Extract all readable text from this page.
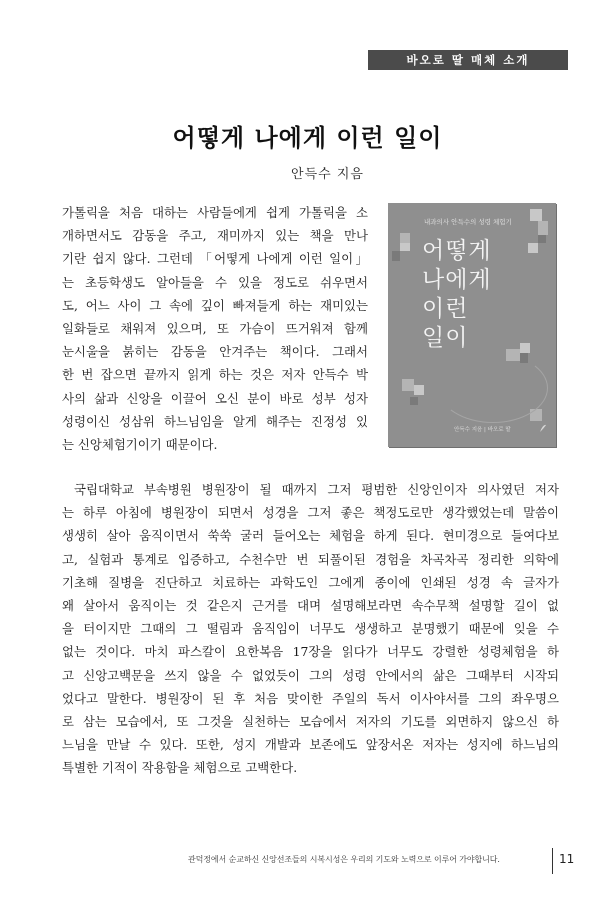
바오로 딸 매체 소개
어떻게 나에게 이런 일이
안득수 지음
가톨릭을 처음 대하는 사람들에게 쉽게 가톨릭을 소
개하면서도 감동을 주고, 재미까지 있는 책을 만나
기란 쉽지 않다. 그런데 「어떻게 나에게 이런 일이」
는 초등학생도 알아들을 수 있을 정도로 쉬우면서
도, 어느 사이 그 속에 깊이 빠져들게 하는 재미있는
일화들로 채워져 있으며, 또 가슴이 뜨거워져 함께
눈시울을 붉히는 감동을 안겨주는 책이다. 그래서
한 번 잡으면 끝까지 읽게 하는 것은 저자 안득수 박
사의 삶과 신앙을 이끌어 오신 분이 바로 성부 성자
성령이신 성삼위 하느님임을 알게 해주는 진정성 있
는 신앙체험기이기 때문이다.
내과의사 안득수의 성령 체험기
어떻게
나에게
이런
일이
안득수 지음 | 바오로 딸
국립대학교 부속병원 병원장이 될 때까지 그저 평범한 신앙인이자 의사였던 저자
는 하루 아침에 병원장이 되면서 성경을 그저 좋은 책정도로만 생각했었는데 말씀이
생생히 살아 움직이면서 쑥쑥 굴러 들어오는 체험을 하게 된다. 현미경으로 들여다보
고, 실험과 통계로 입증하고, 수천수만 번 되풀이된 경험을 차곡차곡 정리한 의학에
기초해 질병을 진단하고 치료하는 과학도인 그에게 종이에 인쇄된 성경 속 글자가
왜 살아서 움직이는 것 같은지 근거를 대며 설명해보라면 속수무책 설명할 길이 없
을 터이지만 그때의 그 떨림과 움직임이 너무도 생생하고 분명했기 때문에 잊을 수
없는 것이다. 마치 파스칼이 요한복음 17장을 읽다가 너무도 강렬한 성령체험을 하
고 신앙고백문을 쓰지 않을 수 없었듯이 그의 성령 안에서의 삶은 그때부터 시작되
었다고 말한다. 병원장이 된 후 처음 맞이한 주일의 독서 이사야서를 그의 좌우명으
로 삼는 모습에서, 또 그것을 실천하는 모습에서 저자의 기도를 외면하지 않으신 하
느님을 만날 수 있다. 또한, 성지 개발과 보존에도 앞장서온 저자는 성지에 하느님의
특별한 기적이 작용함을 체험으로 고백한다.
관덕정에서 순교하신 신앙선조들의 시복시성은 우리의 기도와 노력으로 이루어 가야합니다.	11
